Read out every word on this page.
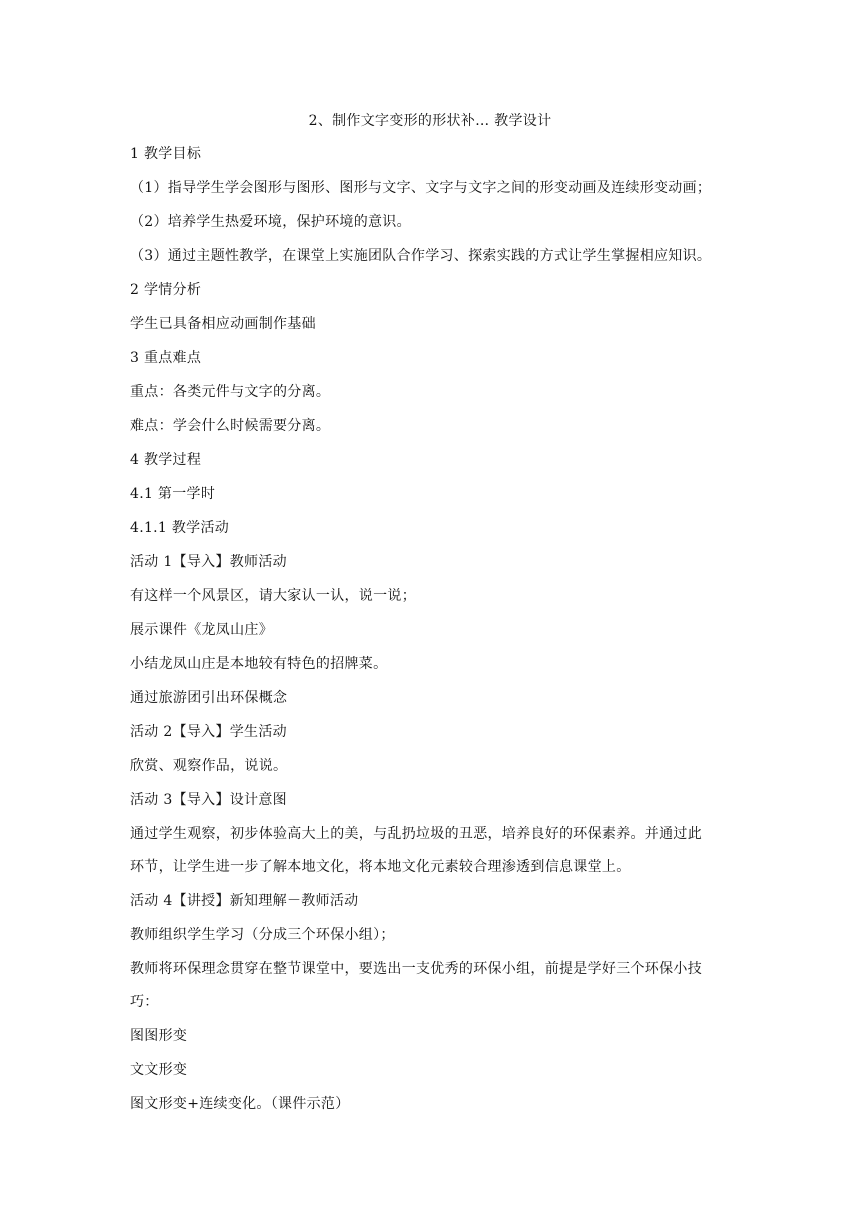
2、制作文字变形的形状补… 教学设计
1 教学目标
（1）指导学生学会图形与图形、图形与文字、文字与文字之间的形变动画及连续形变动画；
（2）培养学生热爱环境，保护环境的意识。
（3）通过主题性教学，在课堂上实施团队合作学习、探索实践的方式让学生掌握相应知识。
2 学情分析
学生已具备相应动画制作基础
3 重点难点
重点：各类元件与文字的分离。
难点：学会什么时候需要分离。
4 教学过程
4.1 第一学时
4.1.1 教学活动
活动 1【导入】教师活动
有这样一个风景区，请大家认一认，说一说；
展示课件《龙凤山庄》
小结龙凤山庄是本地较有特色的招牌菜。
通过旅游团引出环保概念
活动 2【导入】学生活动
欣赏、观察作品，说说。
活动 3【导入】设计意图
通过学生观察，初步体验高大上的美，与乱扔垃圾的丑恶，培养良好的环保素养。并通过此
环节，让学生进一步了解本地文化，将本地文化元素较合理渗透到信息课堂上。
活动 4【讲授】新知理解－教师活动
教师组织学生学习（分成三个环保小组）；
教师将环保理念贯穿在整节课堂中，要选出一支优秀的环保小组，前提是学好三个环保小技
巧：
图图形变
文文形变
图文形变+连续变化。（课件示范）
